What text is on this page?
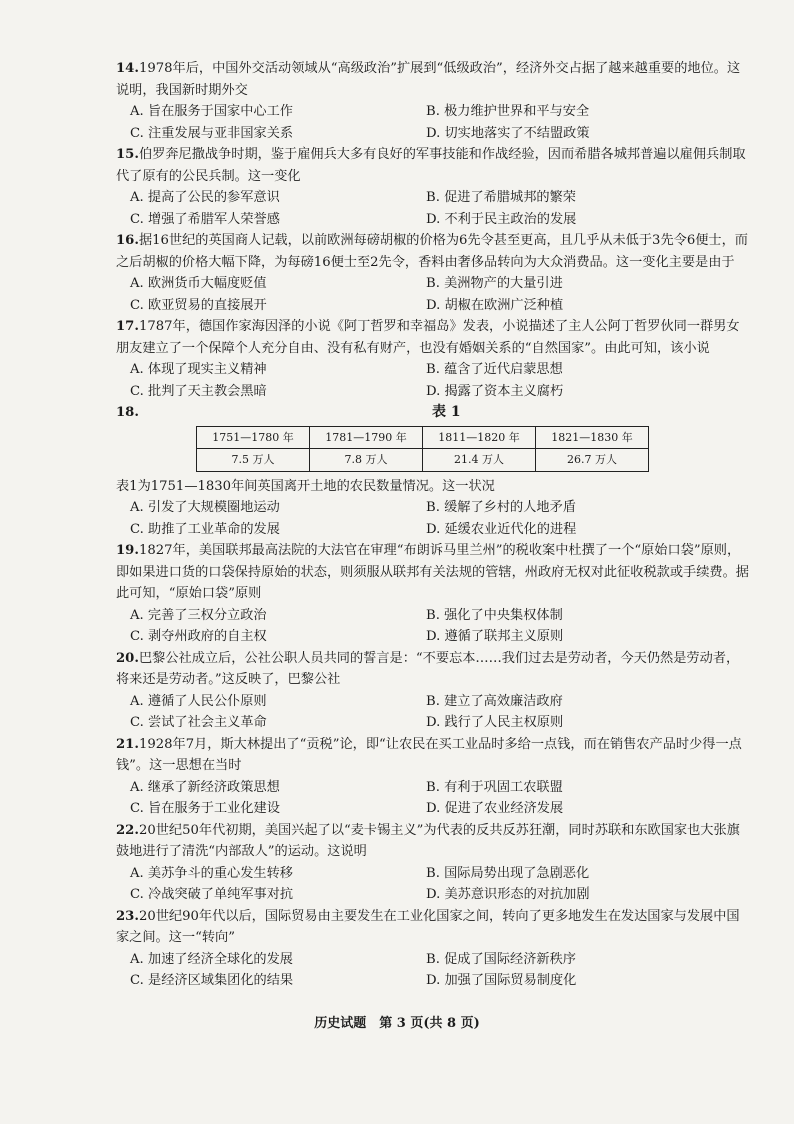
14.1978年后，中国外交活动领域从“高级政治”扩展到“低级政治”，经济外交占据了越来越重要的地位。这说明，我国新时期外交

A. 旨在服务于国家中心工作	B. 极力维护世界和平与安全
C. 注重发展与亚非国家关系	D. 切实地落实了不结盟政策

15.伯罗奔尼撒战争时期，鉴于雇佣兵大多有良好的军事技能和作战经验，因而希腊各城邦普遍以雇佣兵制取代了原有的公民兵制。这一变化

A. 提高了公民的参军意识	B. 促进了希腊城邦的繁荣
C. 增强了希腊军人荣誉感	D. 不利于民主政治的发展

16.据16世纪的英国商人记载，以前欧洲每磅胡椒的价格为6先令甚至更高，且几乎从未低于3先令6便士，而之后胡椒的价格大幅下降，为每磅16便士至2先令，香料由奢侈品转向为大众消费品。这一变化主要是由于

A. 欧洲货币大幅度贬值	B. 美洲物产的大量引进
C. 欧亚贸易的直接展开	D. 胡椒在欧洲广泛种植

17.1787年，德国作家海因泽的小说《阿丁哲罗和幸福岛》发表，小说描述了主人公阿丁哲罗伙同一群男女朋友建立了一个保障个人充分自由、没有私有财产，也没有婚姻关系的“自然国家”。由此可知，该小说

A. 体现了现实主义精神	B. 蕴含了近代启蒙思想
C. 批判了天主教会黑暗	D. 揭露了资本主义腐朽
18.	表 1
1751—1780 年	1781—1790 年	1811—1820 年	1821—1830 年
7.5 万人	7.8 万人	21.4 万人	26.7 万人

表1为1751—1830年间英国离开土地的农民数量情况。这一状况

A. 引发了大规模圈地运动	B. 缓解了乡村的人地矛盾
C. 助推了工业革命的发展	D. 延缓农业近代化的进程

19.1827年，美国联邦最高法院的大法官在审理“布朗诉马里兰州”的税收案中杜撰了一个“原始口袋”原则，即如果进口货的口袋保持原始的状态，则须服从联邦有关法规的管辖，州政府无权对此征收税款或手续费。据此可知，“原始口袋”原则

A. 完善了三权分立政治	B. 强化了中央集权体制
C. 剥夺州政府的自主权	D. 遵循了联邦主义原则

20.巴黎公社成立后，公社公职人员共同的誓言是：“不要忘本……我们过去是劳动者，今天仍然是劳动者，将来还是劳动者。”这反映了，巴黎公社

A. 遵循了人民公仆原则	B. 建立了高效廉洁政府
C. 尝试了社会主义革命	D. 践行了人民主权原则

21.1928年7月，斯大林提出了“贡税”论，即“让农民在买工业品时多给一点钱，而在销售农产品时少得一点钱”。这一思想在当时

A. 继承了新经济政策思想	B. 有利于巩固工农联盟
C. 旨在服务于工业化建设	D. 促进了农业经济发展

22.20世纪50年代初期，美国兴起了以“麦卡锡主义”为代表的反共反苏狂潮，同时苏联和东欧国家也大张旗鼓地进行了清洗“内部敌人”的运动。这说明

A. 美苏争斗的重心发生转移	B. 国际局势出现了急剧恶化
C. 冷战突破了单纯军事对抗	D. 美苏意识形态的对抗加剧

23.20世纪90年代以后，国际贸易由主要发生在工业化国家之间，转向了更多地发生在发达国家与发展中国家之间。这一“转向”

A. 加速了经济全球化的发展	B. 促成了国际经济新秩序
C. 是经济区域集团化的结果	D. 加强了国际贸易制度化
历史试题　第 3 页(共 8 页)
